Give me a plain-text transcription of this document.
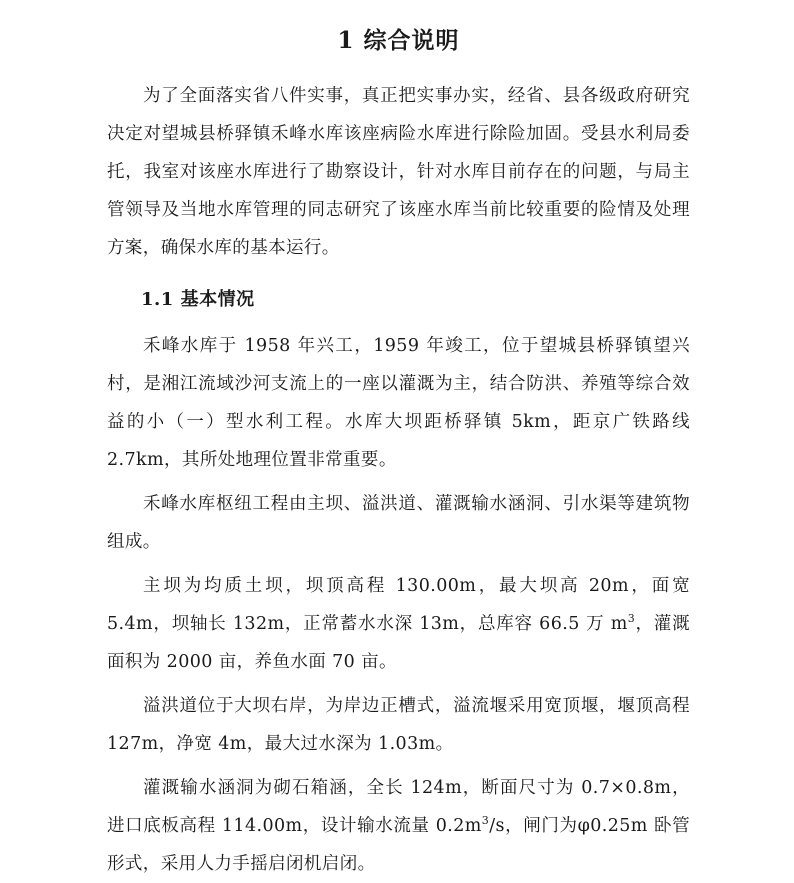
1 综合说明

为了全面落实省八件实事，真正把实事办实，经省、县各级政府研究决定对望城县桥驿镇禾峰水库该座病险水库进行除险加固。受县水利局委托，我室对该座水库进行了勘察设计，针对水库目前存在的问题，与局主管领导及当地水库管理的同志研究了该座水库当前比较重要的险情及处理方案，确保水库的基本运行。

1.1 基本情况

禾峰水库于 1958 年兴工，1959 年竣工，位于望城县桥驿镇望兴村，是湘江流域沙河支流上的一座以灌溉为主，结合防洪、养殖等综合效益的小（一）型水利工程。水库大坝距桥驿镇 5km，距京广铁路线 2.7km，其所处地理位置非常重要。

禾峰水库枢纽工程由主坝、溢洪道、灌溉输水涵洞、引水渠等建筑物组成。

主坝为均质土坝，坝顶高程 130.00m，最大坝高 20m，面宽 5.4m，坝轴长 132m，正常蓄水水深 13m，总库容 66.5 万 $m^3$，灌溉面积为 2000 亩，养鱼水面 70 亩。

溢洪道位于大坝右岸，为岸边正槽式，溢流堰采用宽顶堰，堰顶高程 127m，净宽 4m，最大过水深为 1.03m。

灌溉输水涵洞为砌石箱涵，全长 124m，断面尺寸为 0.7×0.8m，进口底板高程 114.00m，设计输水流量 $0.2m^3/s$，闸门为φ0.25m 卧管形式，采用人力手摇启闭机启闭。
